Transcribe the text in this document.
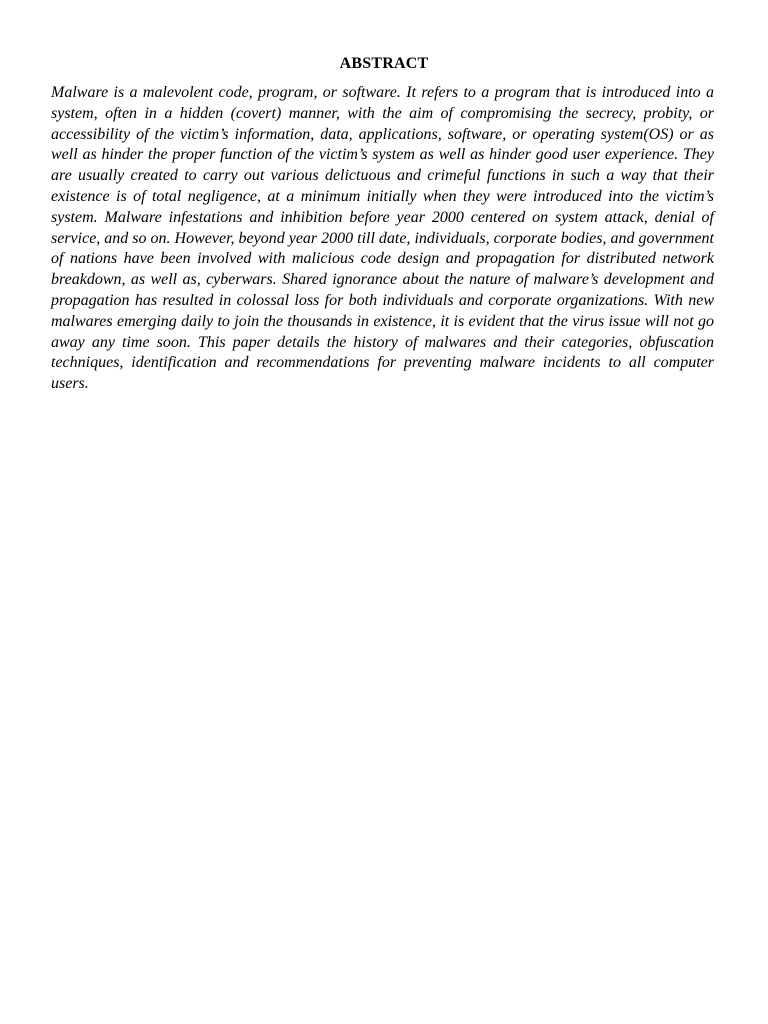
ABSTRACT

Malware is a malevolent code, program, or software. It refers to a program that is introduced into a system, often in a hidden (covert) manner, with the aim of compromising the secrecy, probity, or accessibility of the victim’s information, data, applications, software, or operating system(OS) or as well as hinder the proper function of the victim’s system as well as hinder good user experience. They are usually created to carry out various delictuous and crimeful functions in such a way that their existence is of total negligence, at a minimum initially when they were introduced into the victim’s system. Malware infestations and inhibition before year 2000 centered on system attack, denial of service, and so on. However, beyond year 2000 till date, individuals, corporate bodies, and government of nations have been involved with malicious code design and propagation for distributed network breakdown, as well as, cyberwars. Shared ignorance about the nature of malware’s development and propagation has resulted in colossal loss for both individuals and corporate organizations. With new malwares emerging daily to join the thousands in existence, it is evident that the virus issue will not go away any time soon. This paper details the history of malwares and their categories, obfuscation techniques, identification and recommendations for preventing malware incidents to all computer users.
